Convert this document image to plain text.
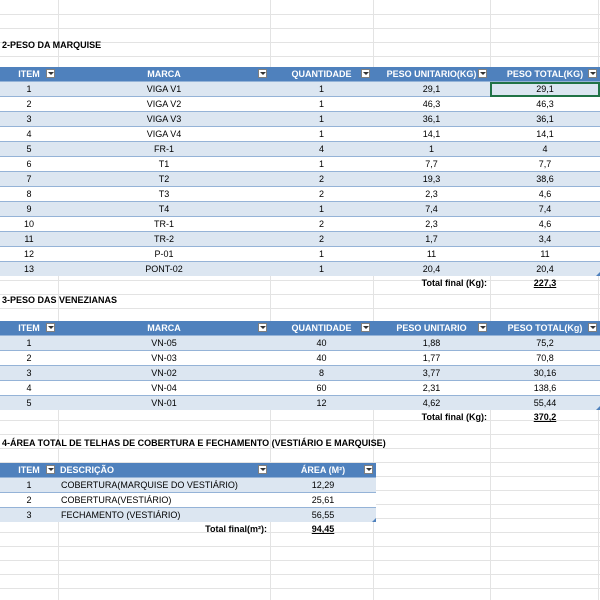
2-PESO DA MARQUISE
ITEM	MARCA	QUANTIDADE	PESO UNITARIO(KG)	PESO TOTAL(KG)

1	VIGA V1	1	29,1	29,1
2	VIGA V2	1	46,3	46,3
3	VIGA V3	1	36,1	36,1
4	VIGA V4	1	14,1	14,1
5	FR-1	4	1	4
6	T1	1	7,7	7,7
7	T2	2	19,3	38,6
8	T3	2	2,3	4,6
9	T4	1	7,4	7,4
10	TR-1	2	2,3	4,6
11	TR-2	2	1,7	3,4
12	P-01	1	11	11
13	PONT-02	1	20,4	20,4

			Total final (Kg):	227,3
3-PESO DAS VENEZIANAS
ITEM	MARCA	QUANTIDADE	PESO UNITARIO	PESO TOTAL(Kg)

1	VN-05	40	1,88	75,2
2	VN-03	40	1,77	70,8
3	VN-02	8	3,77	30,16
4	VN-04	60	2,31	138,6
5	VN-01	12	4,62	55,44

			Total final (Kg):	370,2
4-ÁREA TOTAL DE TELHAS DE COBERTURA E FECHAMENTO (VESTIÁRIO E MARQUISE)
ITEM	DESCRIÇÃO	ÁREA (M²)

1	COBERTURA(MARQUISE DO VESTIÁRIO)	12,29
2	COBERTURA(VESTIÁRIO)	25,61
3	FECHAMENTO (VESTIÁRIO)	56,55

	Total final(m²):	94,45
